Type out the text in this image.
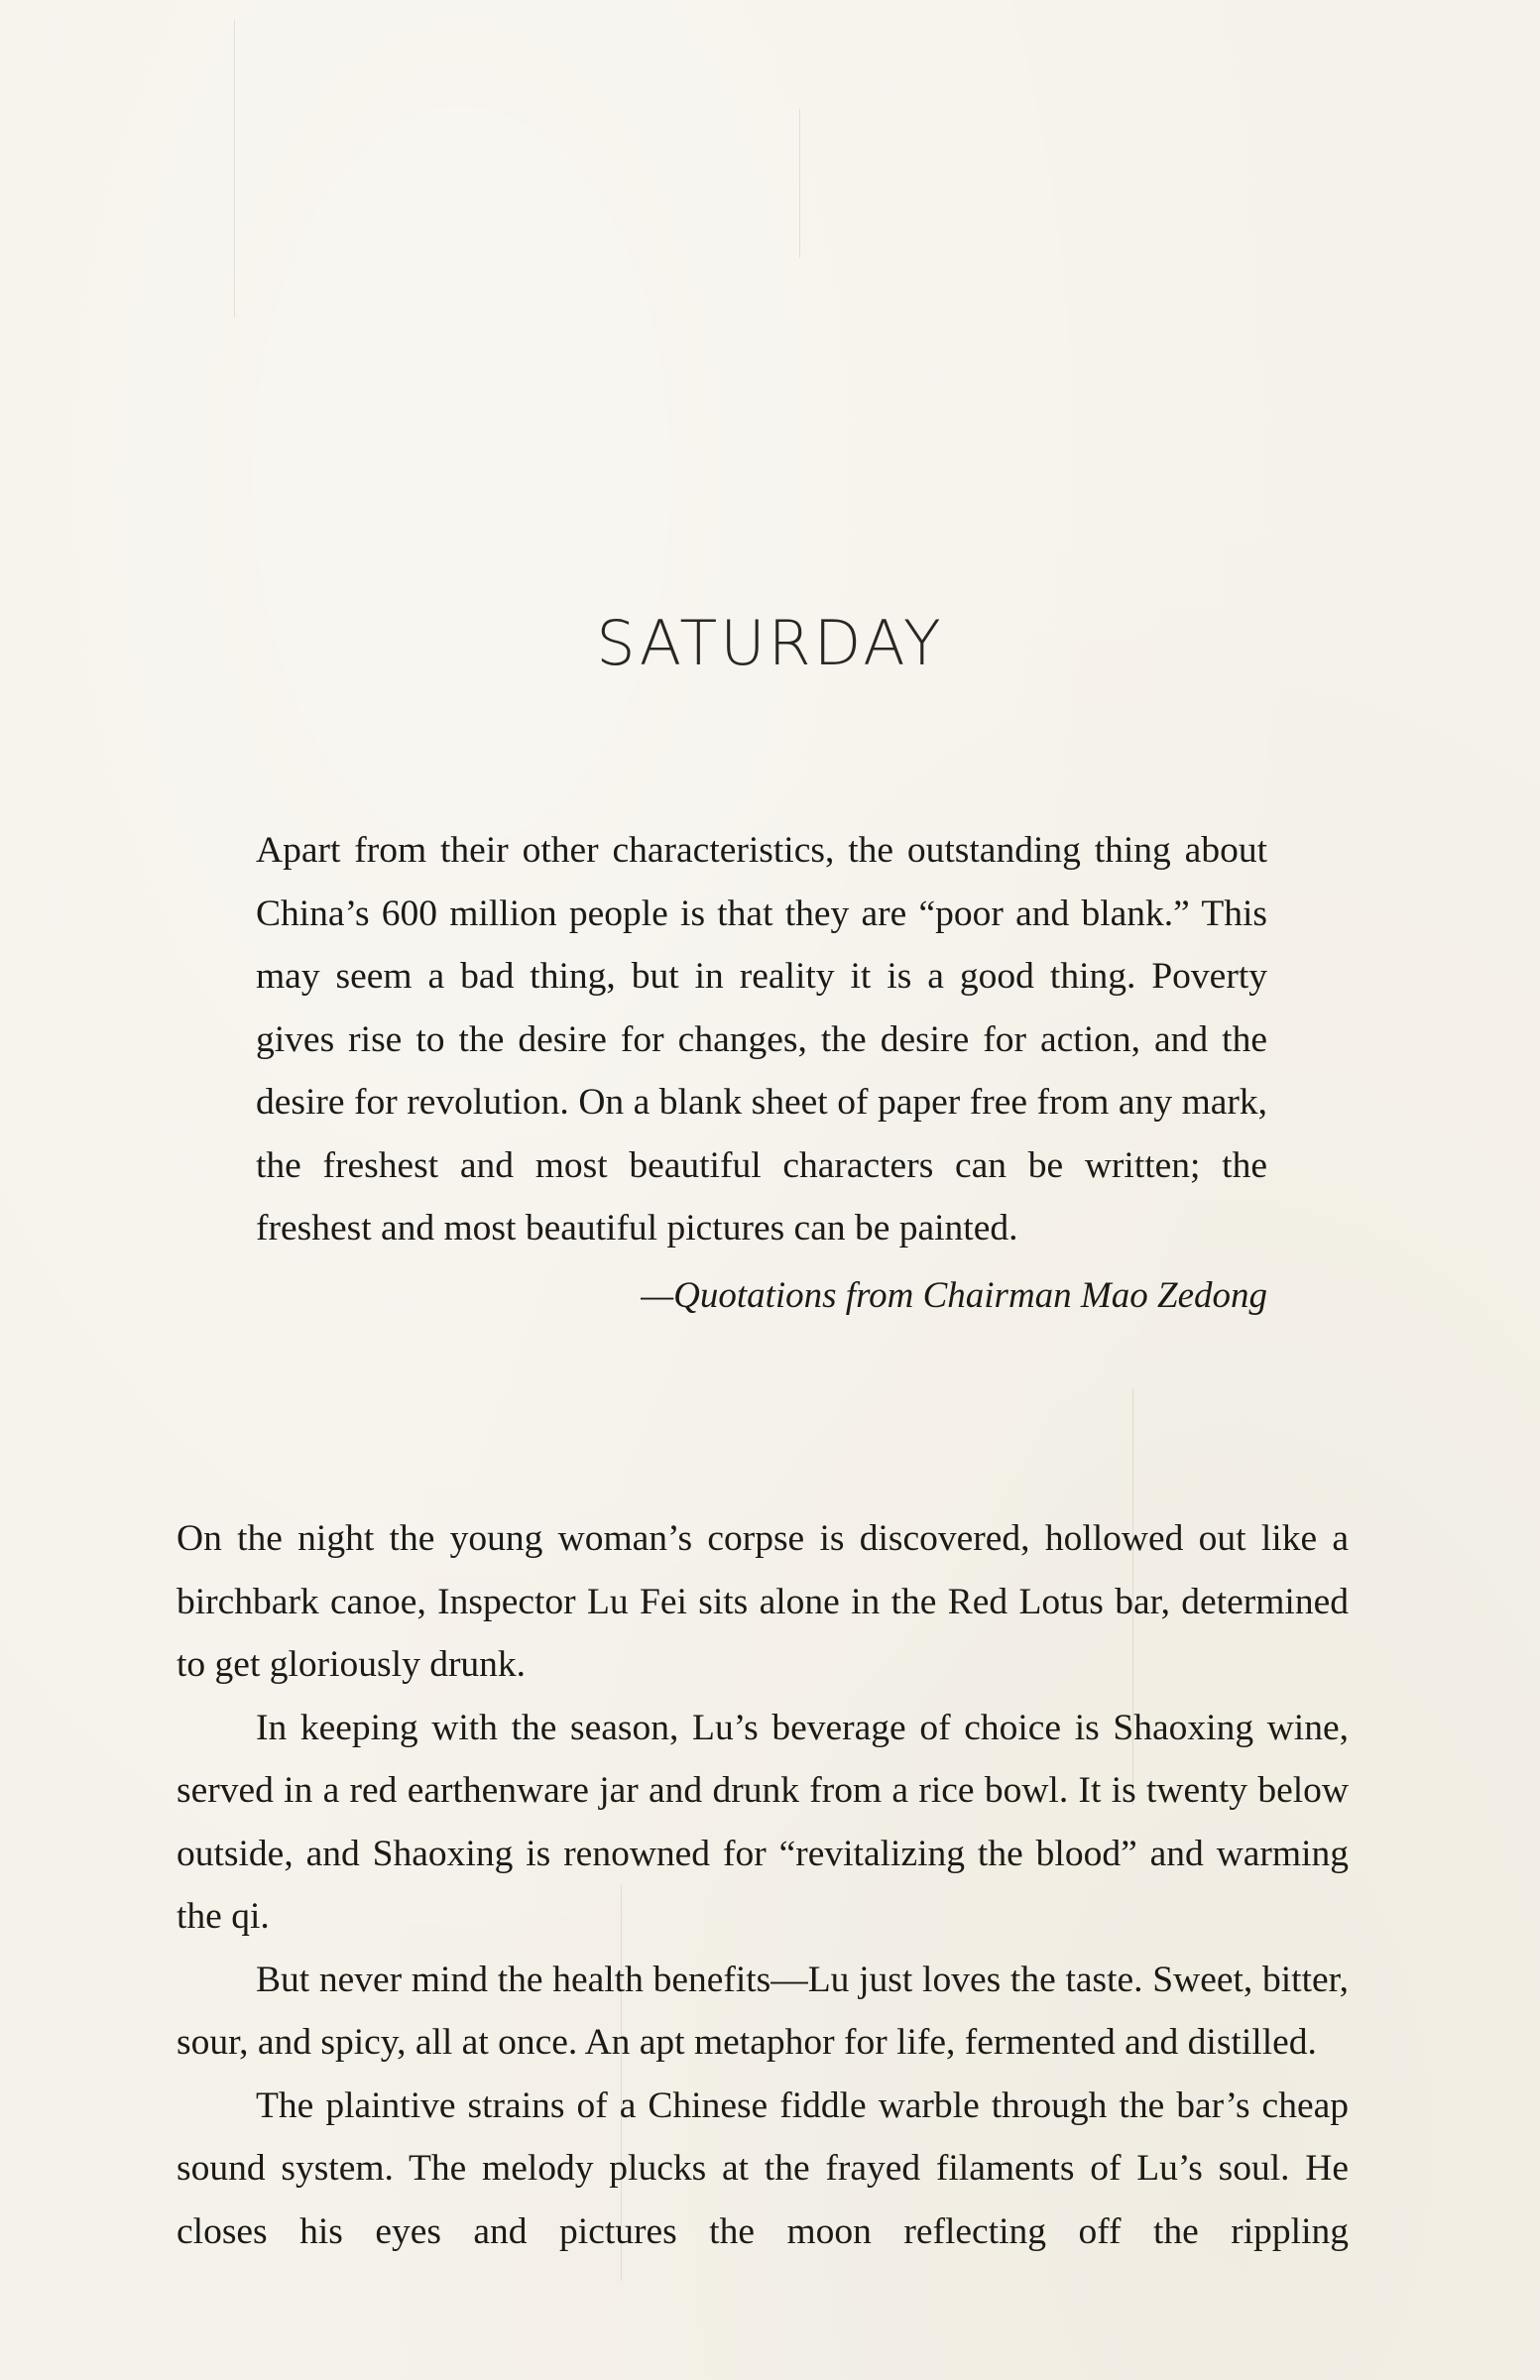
SATURDAY

Apart from their other characteristics, the outstanding thing about China’s 600 million people is that they are “poor and blank.” This may seem a bad thing, but in reality it is a good thing. Poverty gives rise to the desire for changes, the desire for action, and the desire for revolution. On a blank sheet of paper free from any mark, the freshest and most beautiful characters can be written; the freshest and most beautiful pictures can be painted.

—Quotations from Chairman Mao Zedong

On the night the young woman’s corpse is discovered, hollowed out like a birchbark canoe, Inspector Lu Fei sits alone in the Red Lotus bar, determined to get gloriously drunk.

In keeping with the season, Lu’s beverage of choice is Shaoxing wine, served in a red earthenware jar and drunk from a rice bowl. It is twenty below outside, and Shaoxing is renowned for “revitalizing the blood” and warming the qi.

But never mind the health benefits—Lu just loves the taste. Sweet, bitter, sour, and spicy, all at once. An apt metaphor for life, fermented and distilled.

The plaintive strains of a Chinese fiddle warble through the bar’s cheap sound system. The melody plucks at the frayed filaments of Lu’s soul. He closes his eyes and pictures the moon reflecting off the rippling
